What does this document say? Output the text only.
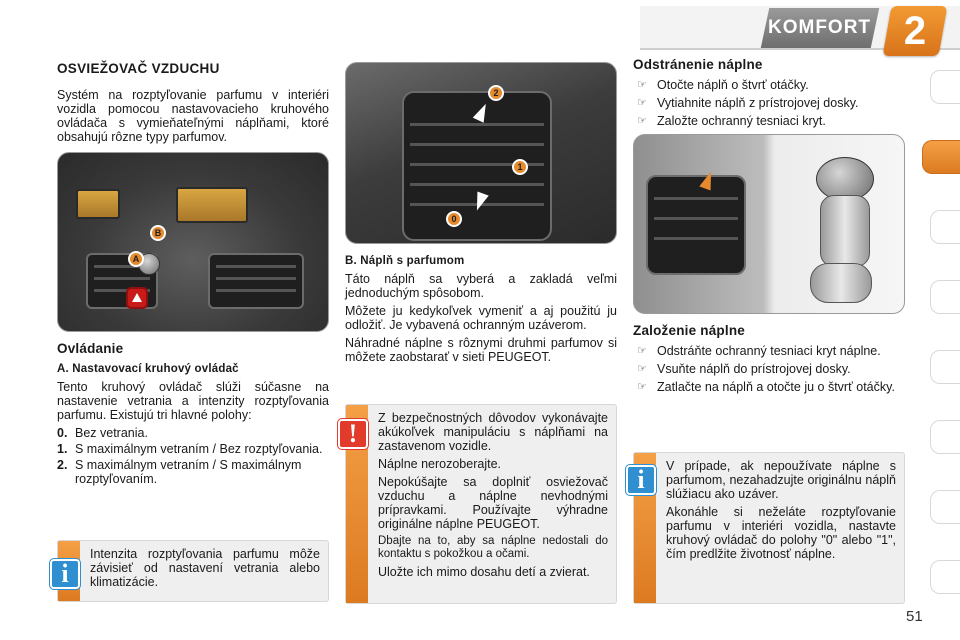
KOMFORT 2
OSVIEŽOVAČ VZDUCHU

Systém na rozptyľovanie parfumu v interiéri vozidla pomocou nastavovacieho kruhového ovládača s vymieňateľnými náplňami, ktoré obsahujú rôzne typy parfumov.

B
A
Ovládanie
A. Nastavovací kruhový ovládač

Tento kruhový ovládač slúži súčasne na nastavenie vetrania a intenzity rozptyľovania parfumu. Existujú tri hlavné polohy:

0. Bez vetrania.
1. S maximálnym vetraním / Bez rozptyľovania.
2. S maximálnym vetraním / S maximálnym rozptyľovaním.
2
1
0
B. Náplň s parfumom

Táto náplň sa vyberá a zakladá veľmi jednoduchým spôsobom.

Môžete ju kedykoľvek vymeniť a aj použitú ju odložiť. Je vybavená ochranným uzáverom.

Náhradné náplne s rôznymi druhmi parfumov si môžete zaobstarať v sieti PEUGEOT.

Odstránenie náplne
☞ Otočte náplň o štvrť otáčky.
☞ Vytiahnite náplň z prístrojovej dosky.
☞ Založte ochranný tesniaci kryt.
Založenie náplne
☞ Odstráňte ochranný tesniaci kryt náplne.
☞ Vsuňte náplň do prístrojovej dosky.
☞ Zatlačte na náplň a otočte ju o štvrť otáčky.
i

Intenzita rozptyľovania parfumu môže závisieť od nastavení vetrania alebo klimatizácie.

!

Z bezpečnostných dôvodov vykonávajte akúkoľvek manipuláciu s náplňami na zastavenom vozidle.

Náplne nerozoberajte.

Nepokúšajte sa doplniť osviežovač vzduchu a náplne nevhodnými prípravkami. Používajte výhradne originálne náplne PEUGEOT.

Dbajte na to, aby sa náplne nedostali do kontaktu s pokožkou a očami.

Uložte ich mimo dosahu detí a zvierat.

i	V prípade, ak nepoužívate náplne s parfumom, nezahadzujte originálnu náplň slúžiacu ako uzáver.

Akonáhle si neželáte rozptyľovanie parfumu v interiéri vozidla, nastavte kruhový ovládač do polohy "0" alebo "1", čím predlžite životnosť náplne.

51
